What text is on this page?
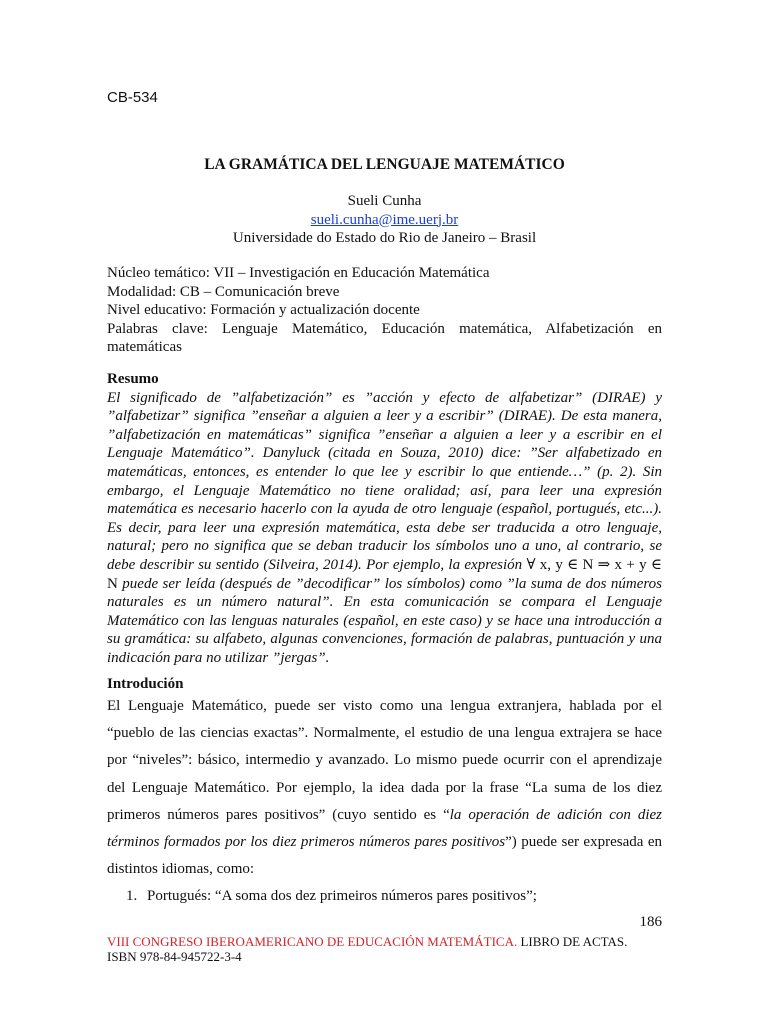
CB-534
LA GRAMÁTICA DEL LENGUAJE MATEMÁTICO
Sueli Cunha
sueli.cunha@ime.uerj.br
Universidade do Estado do Rio de Janeiro – Brasil

Núcleo temático: VII – Investigación en Educación Matemática

Modalidad: CB – Comunicación breve

Nivel educativo: Formación y actualización docente

Palabras clave: Lenguaje Matemático, Educación matemática, Alfabetización en

matemáticas

Resumo

El significado de ”alfabetización” es ”acción y efecto de alfabetizar” (DIRAE) y ”alfabetizar” significa ”enseñar a alguien a leer y a escribir” (DIRAE). De esta manera, ”alfabetización en matemáticas” significa ”enseñar a alguien a leer y a escribir en el Lenguaje Matemático”. Danyluck (citada en Souza, 2010) dice: ”Ser alfabetizado en matemáticas, entonces, es entender lo que lee y escribir lo que entiende…” (p. 2). Sin embargo, el Lenguaje Matemático no tiene oralidad; así, para leer una expresión matemática es necesario hacerlo con la ayuda de otro lenguaje (español, portugués, etc...). Es decir, para leer una expresión matemática, esta debe ser traducida a otro lenguaje, natural; pero no significa que se deban traducir los símbolos uno a uno, al contrario, se debe describir su sentido (Silveira, 2014). Por ejemplo, la expresión ∀ x, y ∈ N ⇒ x + y ∈ N puede ser leída (después de ”decodificar” los símbolos) como ”la suma de dos números naturales es un número natural”. En esta comunicación se compara el Lenguaje Matemático con las lenguas naturales (español, en este caso) y se hace una introducción a su gramática: su alfabeto, algunas convenciones, formación de palabras, puntuación y una indicación para no utilizar ”jergas”.

Introdución

El Lenguaje Matemático, puede ser visto como una lengua extranjera, hablada por el “pueblo de las ciencias exactas”. Normalmente, el estudio de una lengua extrajera se hace por “niveles”: básico, intermedio y avanzado. Lo mismo puede ocurrir con el aprendizaje del Lenguaje Matemático. Por ejemplo, la idea dada por la frase “La suma de los diez primeros números pares positivos” (cuyo sentido es “la operación de adición con diez términos formados por los diez primeros números pares positivos”) puede ser expresada en distintos idiomas, como:

1. Portugués: “A soma dos dez primeiros números pares positivos”;
186
VIII CONGRESO IBEROAMERICANO DE EDUCACIÓN MATEMÁTICA. LIBRO DE ACTAS.
ISBN 978-84-945722-3-4
